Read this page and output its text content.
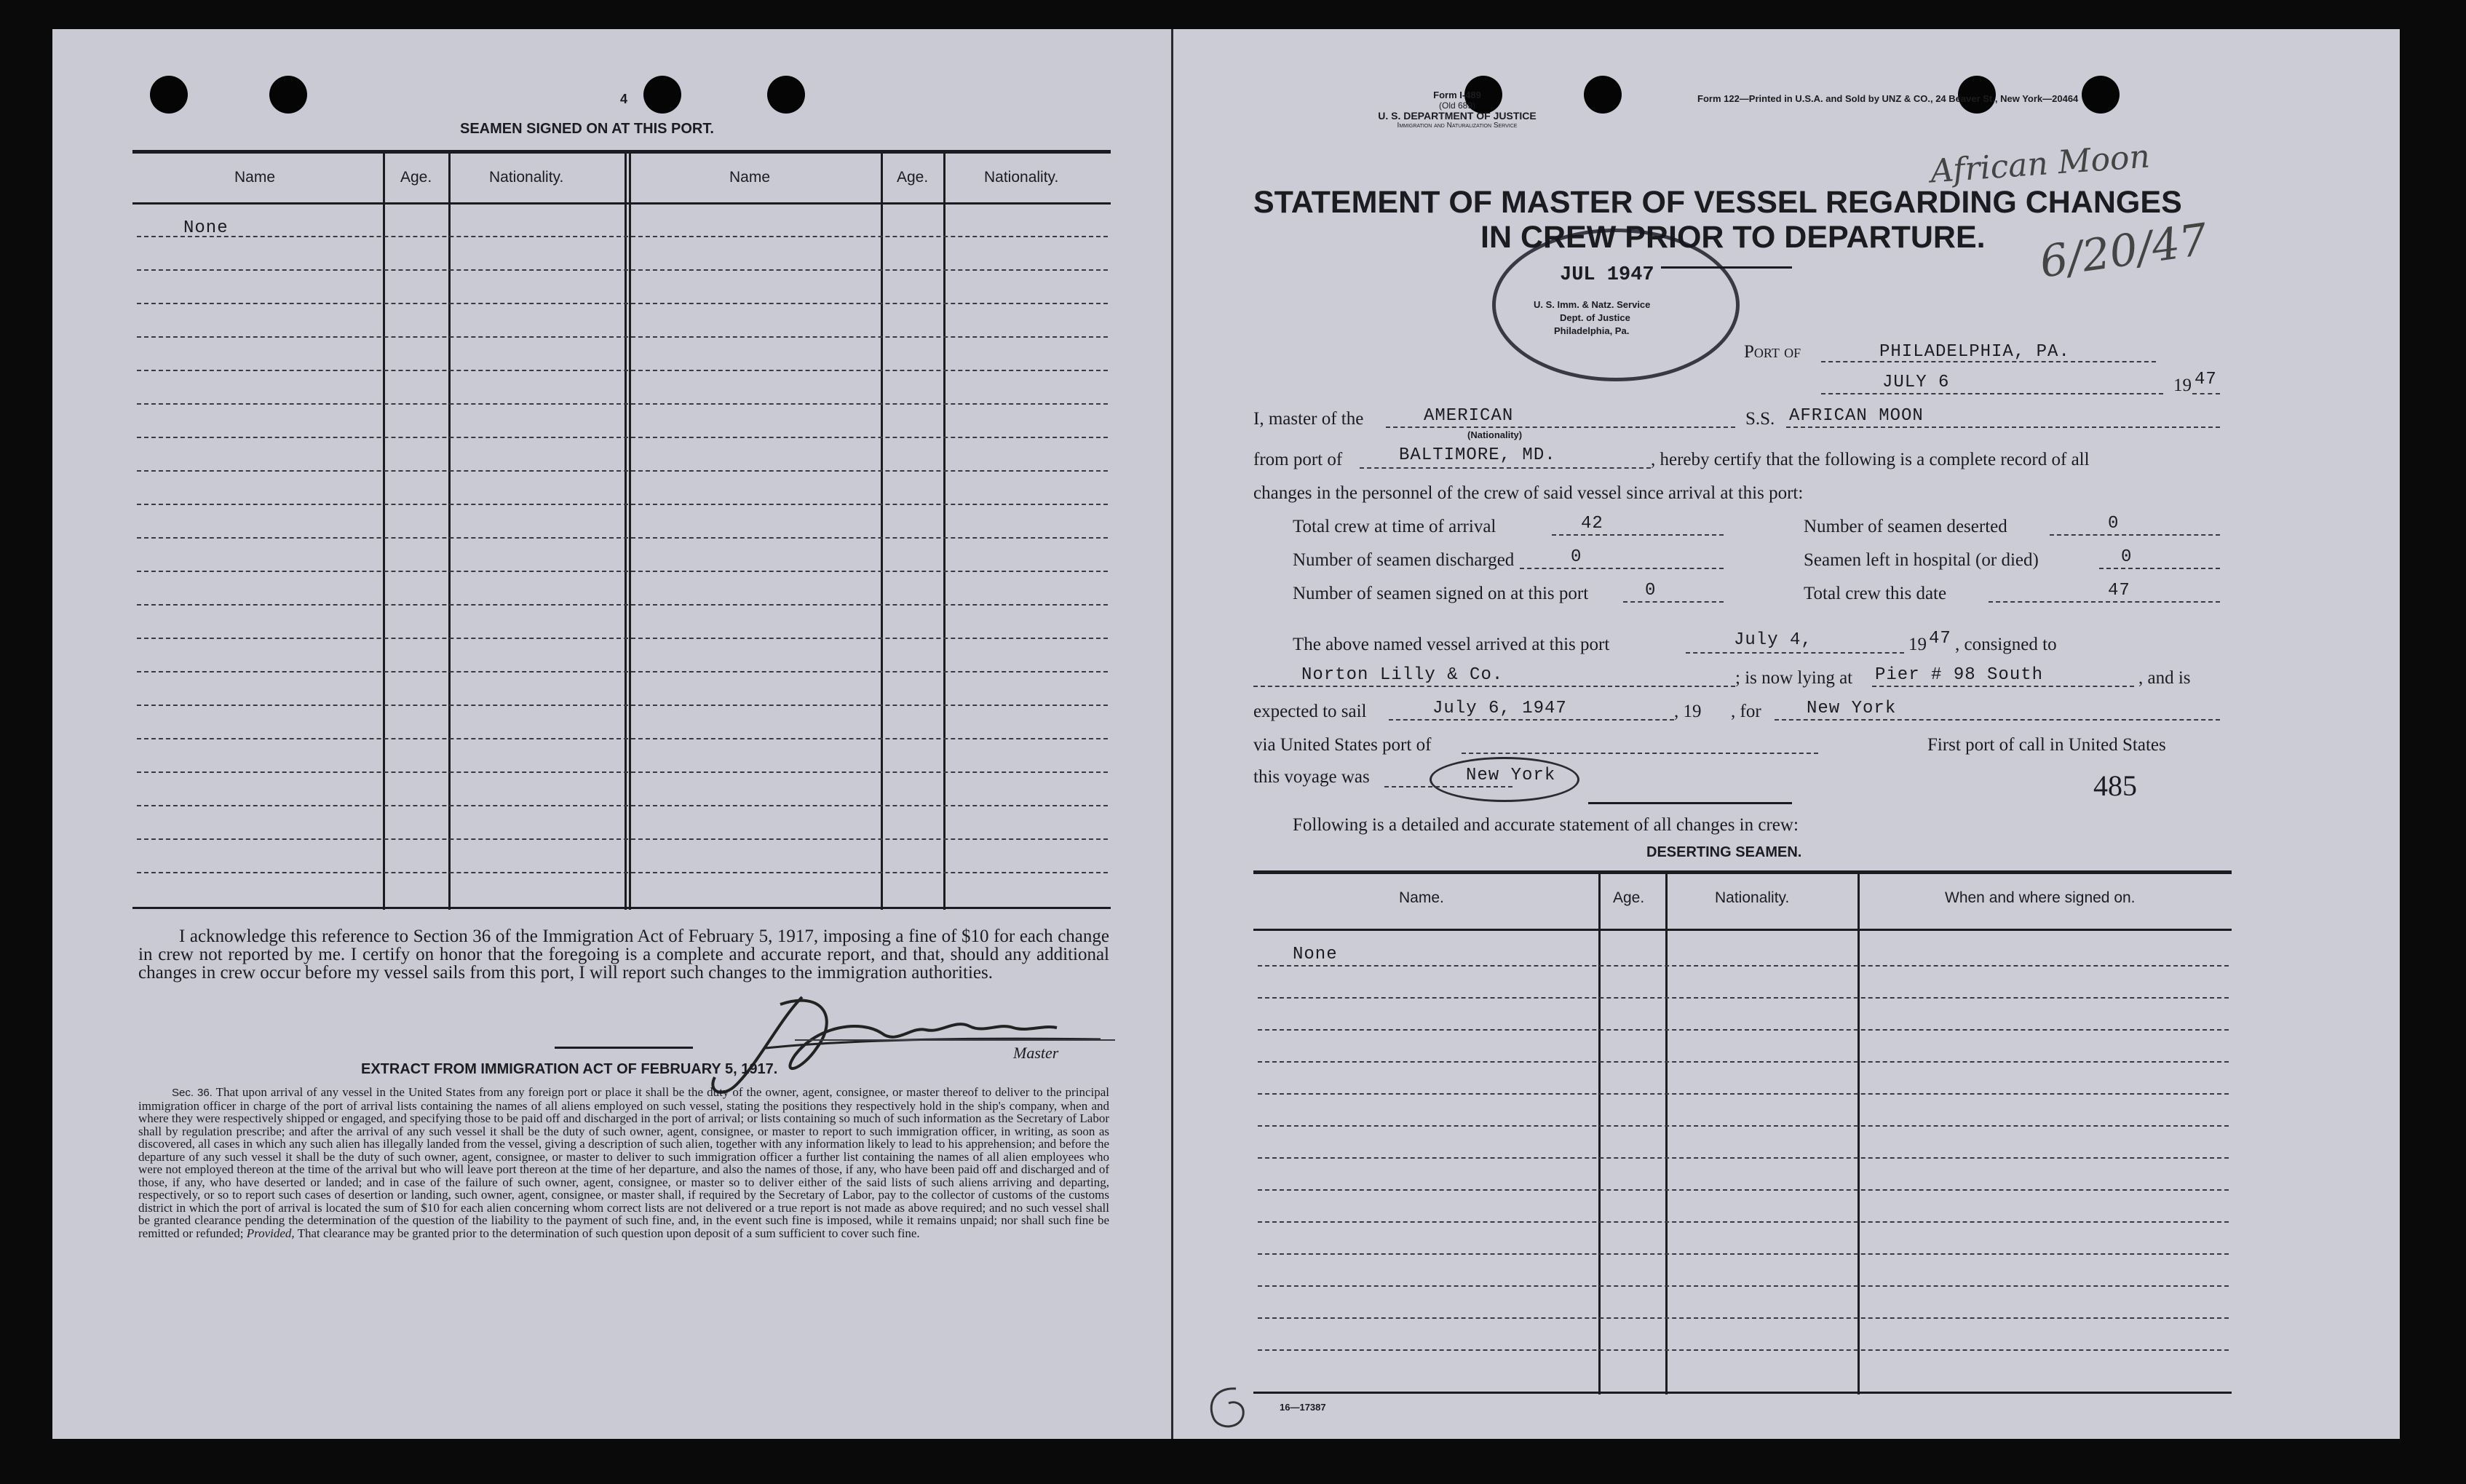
4
SEAMEN SIGNED ON AT THIS PORT.
Name	Age.	Nationality.	Name	Age.	Nationality.
None
I acknowledge this reference to Section 36 of the Immigration Act of February 5, 1917, imposing a fine of $10 for each change in crew not reported by me. I certify on honor that the foregoing is a complete and accurate report, and that, should any additional changes in crew occur before my vessel sails from this port, I will report such changes to the immigration authorities.
Master
EXTRACT FROM IMMIGRATION ACT OF FEBRUARY 5, 1917.
Sec. 36. That upon arrival of any vessel in the United States from any foreign port or place it shall be the duty of the owner, agent, consignee, or master thereof to deliver to the principal immigration officer in charge of the port of arrival lists containing the names of all aliens employed on such vessel, stating the positions they respectively hold in the ship's company, when and where they were respectively shipped or engaged, and specifying those to be paid off and discharged in the port of arrival; or lists containing so much of such information as the Secretary of Labor shall by regulation prescribe; and after the arrival of any such vessel it shall be the duty of such owner, agent, consignee, or master to report to such immigration officer, in writing, as soon as discovered, all cases in which any such alien has illegally landed from the vessel, giving a description of such alien, together with any information likely to lead to his apprehension; and before the departure of any such vessel it shall be the duty of such owner, agent, consignee, or master to deliver to such immigration officer a further list containing the names of all alien employees who were not employed thereon at the time of the arrival but who will leave port thereon at the time of her departure, and also the names of those, if any, who have been paid off and discharged and of those, if any, who have deserted or landed; and in case of the failure of such owner, agent, consignee, or master so to deliver either of the said lists of such aliens arriving and departing, respectively, or so to report such cases of desertion or landing, such owner, agent, consignee, or master shall, if required by the Secretary of Labor, pay to the collector of customs of the customs district in which the port of arrival is located the sum of $10 for each alien concerning whom correct lists are not delivered or a true report is not made as above required; and no such vessel shall be granted clearance pending the determination of the question of the liability to the payment of such fine, and, in the event such fine is imposed, while it remains unpaid; nor shall such fine be remitted or refunded; Provided, That clearance may be granted prior to the determination of such question upon deposit of a sum sufficient to cover such fine.
Form I-489
(Old 689)
U. S. DEPARTMENT OF JUSTICE
Immigration and Naturalization Service
Form 122—Printed in U.S.A. and Sold by UNZ & CO., 24 Beaver St., New York—20464
African Moon
6/20/47
STATEMENT OF MASTER OF VESSEL REGARDING CHANGES
IN CREW PRIOR TO DEPARTURE.
JUL 1947
U. S. Imm. & Natz. Service
Dept. of Justice
Philadelphia, Pa.
Port of	PHILADELPHIA, PA.
JULY 6	19 47
I, master of the	AMERICAN
(Nationality)
S.S. AFRICAN MOON
from port of	BALTIMORE, MD.	, hereby certify that the following is a complete record of all
changes in the personnel of the crew of said vessel since arrival at this port:
Total crew at time of arrival	42	Number of seamen deserted	0
Number of seamen discharged	0	Seamen left in hospital (or died)	0
Number of seamen signed on at this port	0	Total crew this date	47
The above named vessel arrived at this port	July 4,	19 47 , consigned to
Norton Lilly & Co.	; is now lying at Pier # 98 South	, and is
expected to sail	July 6, 1947	, 19 , for	New York
via United States port of	First port of call in United States
this voyage was	New York	485
Following is a detailed and accurate statement of all changes in crew:
DESERTING SEAMEN.
Name.	Age.	Nationality.	When and where signed on.
None
16—17387
